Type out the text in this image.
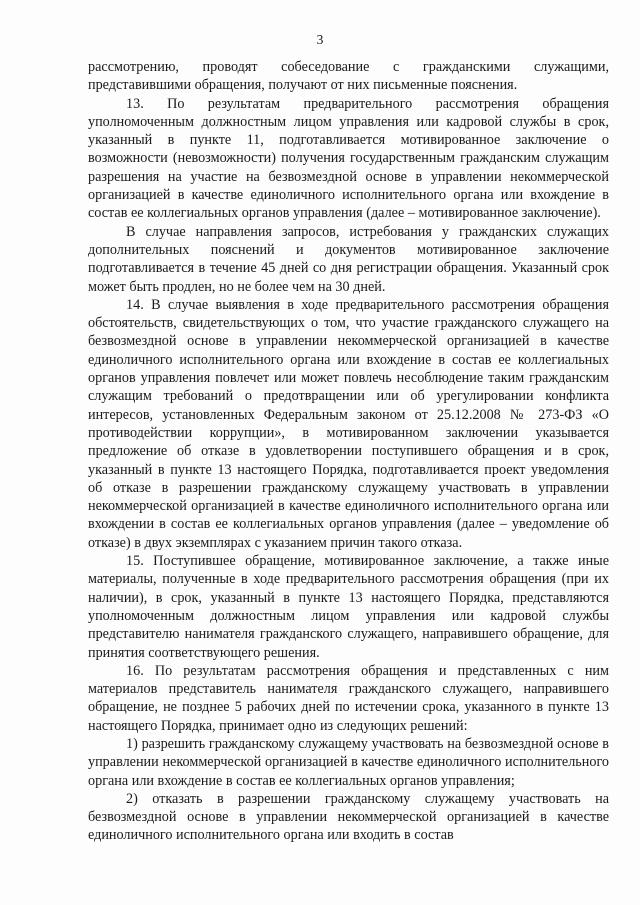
3

рассмотрению, проводят собеседование с гражданскими служащими, представившими обращения, получают от них письменные пояснения.

13. По результатам предварительного рассмотрения обращения уполномоченным должностным лицом управления или кадровой службы в срок, указанный в пункте 11, подготавливается мотивированное заключение о возможности (невозможности) получения государственным гражданским служащим разрешения на участие на безвозмездной основе в управлении некоммерческой организацией в качестве единоличного исполнительного органа или вхождение в состав ее коллегиальных органов управления (далее – мотивированное заключение).

В случае направления запросов, истребования у гражданских служащих дополнительных пояснений и документов мотивированное заключение подготавливается в течение 45 дней со дня регистрации обращения. Указанный срок может быть продлен, но не более чем на 30 дней.

14. В случае выявления в ходе предварительного рассмотрения обращения обстоятельств, свидетельствующих о том, что участие гражданского служащего на безвозмездной основе в управлении некоммерческой организацией в качестве единоличного исполнительного органа или вхождение в состав ее коллегиальных органов управления повлечет или может повлечь несоблюдение таким гражданским служащим требований о предотвращении или об урегулировании конфликта интересов, установленных Федеральным законом от 25.12.2008 № 273-ФЗ «О противодействии коррупции», в мотивированном заключении указывается предложение об отказе в удовлетворении поступившего обращения и в срок, указанный в пункте 13 настоящего Порядка, подготавливается проект уведомления об отказе в разрешении гражданскому служащему участвовать в управлении некоммерческой организацией в качестве единоличного исполнительного органа или вхождении в состав ее коллегиальных органов управления (далее – уведомление об отказе) в двух экземплярах с указанием причин такого отказа.

15. Поступившее обращение, мотивированное заключение, а также иные материалы, полученные в ходе предварительного рассмотрения обращения (при их наличии), в срок, указанный в пункте 13 настоящего Порядка, представляются уполномоченным должностным лицом управления или кадровой службы представителю нанимателя гражданского служащего, направившего обращение, для принятия соответствующего решения.

16. По результатам рассмотрения обращения и представленных с ним материалов представитель нанимателя гражданского служащего, направившего обращение, не позднее 5 рабочих дней по истечении срока, указанного в пункте 13 настоящего Порядка, принимает одно из следующих решений:

1) разрешить гражданскому служащему участвовать на безвозмездной основе в управлении некоммерческой организацией в качестве единоличного исполнительного органа или вхождение в состав ее коллегиальных органов управления;

2) отказать в разрешении гражданскому служащему участвовать на безвозмездной основе в управлении некоммерческой организацией в качестве единоличного исполнительного органа или входить в состав
